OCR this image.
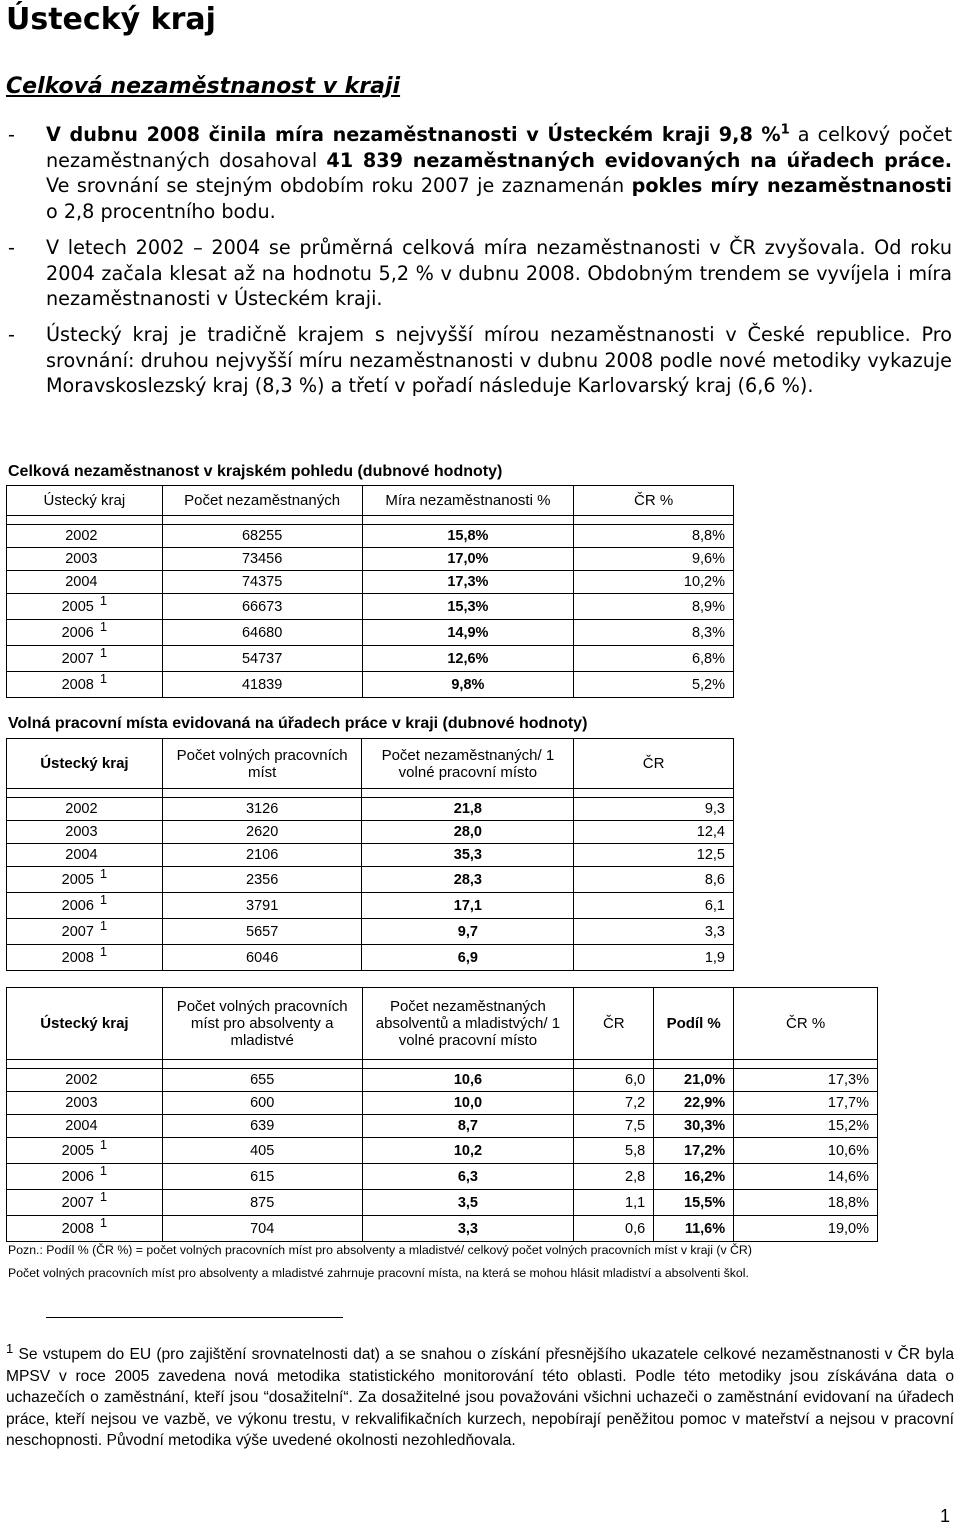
Ústecký kraj
Celková nezaměstnanost v kraji
- V dubnu 2008 činila míra nezaměstnanosti v Ústeckém kraji 9,8 %$^1$ a celkový počet nezaměstnaných dosahoval 41 839 nezaměstnaných evidovaných na úřadech práce. Ve srovnání se stejným obdobím roku 2007 je zaznamenán pokles míry nezaměstnanosti o 2,8 procentního bodu.
- V letech 2002 – 2004 se průměrná celková míra nezaměstnanosti v ČR zvyšovala. Od roku 2004 začala klesat až na hodnotu 5,2 % v dubnu 2008. Obdobným trendem se vyvíjela i míra nezaměstnanosti v Ústeckém kraji.
- Ústecký kraj je tradičně krajem s nejvyšší mírou nezaměstnanosti v České republice. Pro srovnání: druhou nejvyšší míru nezaměstnanosti v dubnu 2008 podle nové metodiky vykazuje Moravskoslezský kraj (8,3 %) a třetí v pořadí následuje Karlovarský kraj (6,6 %).
Celková nezaměstnanost v krajském pohledu (dubnové hodnoty)
Ústecký kraj	Počet nezaměstnaných	Míra nezaměstnanosti %	ČR %

2002	68255	15,8%	8,8%
2003	73456	17,0%	9,6%
2004	74375	17,3%	10,2%
2005 $^1$	66673	15,3%	8,9%
2006 $^1$	64680	14,9%	8,3%
2007 $^1$	54737	12,6%	6,8%
2008 $^1$	41839	9,8%	5,2%
Volná pracovní místa evidovaná na úřadech práce v kraji (dubnové hodnoty)
Ústecký kraj	Počet volných pracovních míst	Počet nezaměstnaných/ 1 volné pracovní místo	ČR

2002	3126	21,8	9,3
2003	2620	28,0	12,4
2004	2106	35,3	12,5
2005 $^1$	2356	28,3	8,6
2006 $^1$	3791	17,1	6,1
2007 $^1$	5657	9,7	3,3
2008 $^1$	6046	6,9	1,9
Ústecký kraj	Počet volných pracovních míst pro absolventy a mladistvé	Počet nezaměstnaných absolventů a mladistvých/ 1 volné pracovní místo	ČR	Podíl %	ČR %

2002	655	10,6	6,0	21,0%	17,3%
2003	600	10,0	7,2	22,9%	17,7%
2004	639	8,7	7,5	30,3%	15,2%
2005 $^1$	405	10,2	5,8	17,2%	10,6%
2006 $^1$	615	6,3	2,8	16,2%	14,6%
2007 $^1$	875	3,5	1,1	15,5%	18,8%
2008 $^1$	704	3,3	0,6	11,6%	19,0%
Pozn.: Podíl % (ČR %) = počet volných pracovních míst pro absolventy a mladistvé/ celkový počet volných pracovních míst v kraji (v ČR)
Počet volných pracovních míst pro absolventy a mladistvé zahrnuje pracovní místa, na která se mohou hlásit mladiství a absolventi škol.
$^1$ Se vstupem do EU (pro zajištění srovnatelnosti dat) a se snahou o získání přesnějšího ukazatele celkové nezaměstnanosti v ČR byla MPSV v roce 2005 zavedena nová metodika statistického monitorování této oblasti. Podle této metodiky jsou získávána data o uchazečích o zaměstnání, kteří jsou “dosažitelní“. Za dosažitelné jsou považováni všichni uchazeči o zaměstnání evidovaní na úřadech práce, kteří nejsou ve vazbě, ve výkonu trestu, v rekvalifikačních kurzech, nepobírají peněžitou pomoc v mateřství a nejsou v pracovní neschopnosti. Původní metodika výše uvedené okolnosti nezohledňovala.
1
